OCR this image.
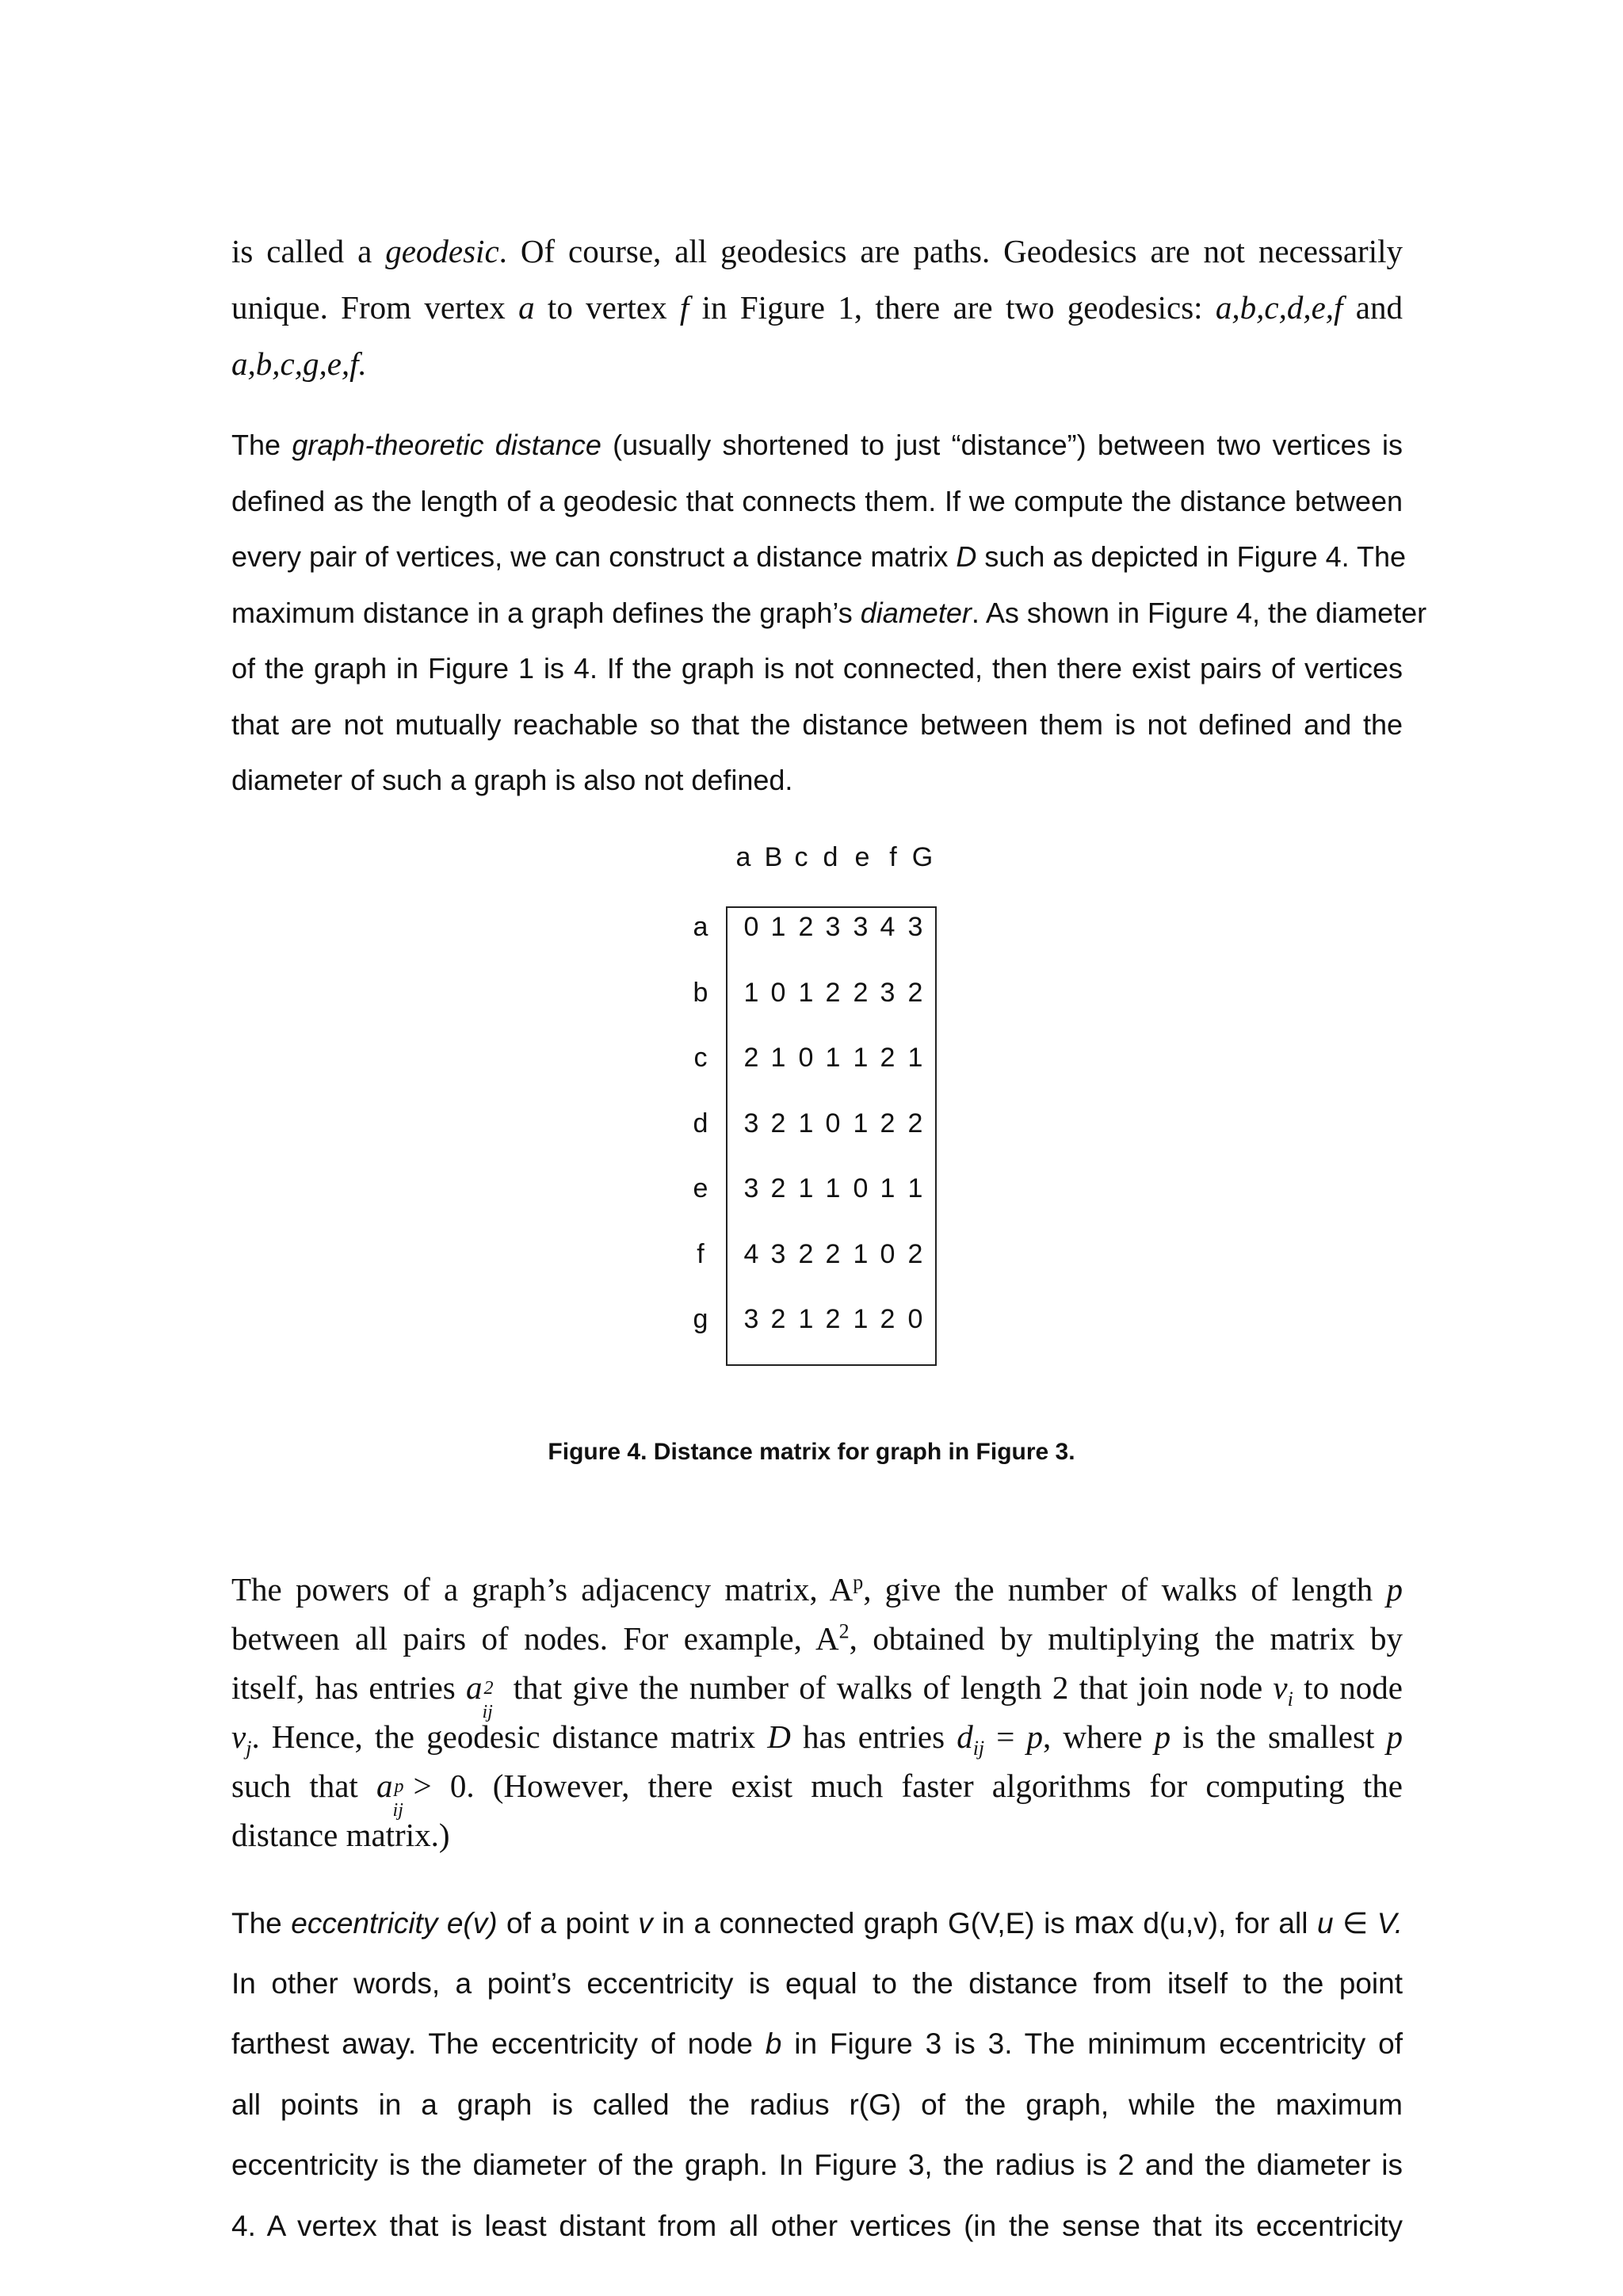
is called a geodesic. Of course, all geodesics are paths. Geodesics are not necessarily
unique. From vertex a to vertex f in Figure 1, there are two geodesics: a,b,c,d,e,f and
a,b,c,g,e,f.
The graph-theoretic distance (usually shortened to just “distance”) between two vertices is
defined as the length of a geodesic that connects them. If we compute the distance between
every pair of vertices, we can construct a distance matrix D such as depicted in Figure 4. The
maximum distance in a graph defines the graph’s diameter. As shown in Figure 4, the diameter
of the graph in Figure 1 is 4. If the graph is not connected, then there exist pairs of vertices
that are not mutually reachable so that the distance between them is not defined and the
diameter of such a graph is also not defined.
a B c d e f G
a 0 1 2 3 3 4 3
b 1 0 1 2 2 3 2
c 2 1 0 1 1 2 1
d 3 2 1 0 1 2 2
e 3 2 1 1 0 1 1
f	4 3 2 2 1 0 2
g 3 2 1 2 1 2 0
Figure 4. Distance matrix for graph in Figure 3.
The powers of a graph’s adjacency matrix, $A^p$, give the number of walks of length p
between all pairs of nodes. For example, $A^2$, obtained by multiplying the matrix by
itself, has entries a 2
ij
that give the number of walks of length 2 that join node $v_i$ to node
$v_j$. Hence, the geodesic distance matrix D has entries $d_{ij} = p$, where p is the smallest p
such that a p
ij
> 0. (However, there exist much faster algorithms for computing the
distance matrix.)
The eccentricity e(v) of a point v in a connected graph G(V,E) is max d(u,v), for all u ∈ V.
In other words, a point’s eccentricity is equal to the distance from itself to the point
farthest away. The eccentricity of node b in Figure 3 is 3. The minimum eccentricity of
all points in a graph is called the radius r(G) of the graph, while the maximum
eccentricity is the diameter of the graph. In Figure 3, the radius is 2 and the diameter is
4. A vertex that is least distant from all other vertices (in the sense that its eccentricity
